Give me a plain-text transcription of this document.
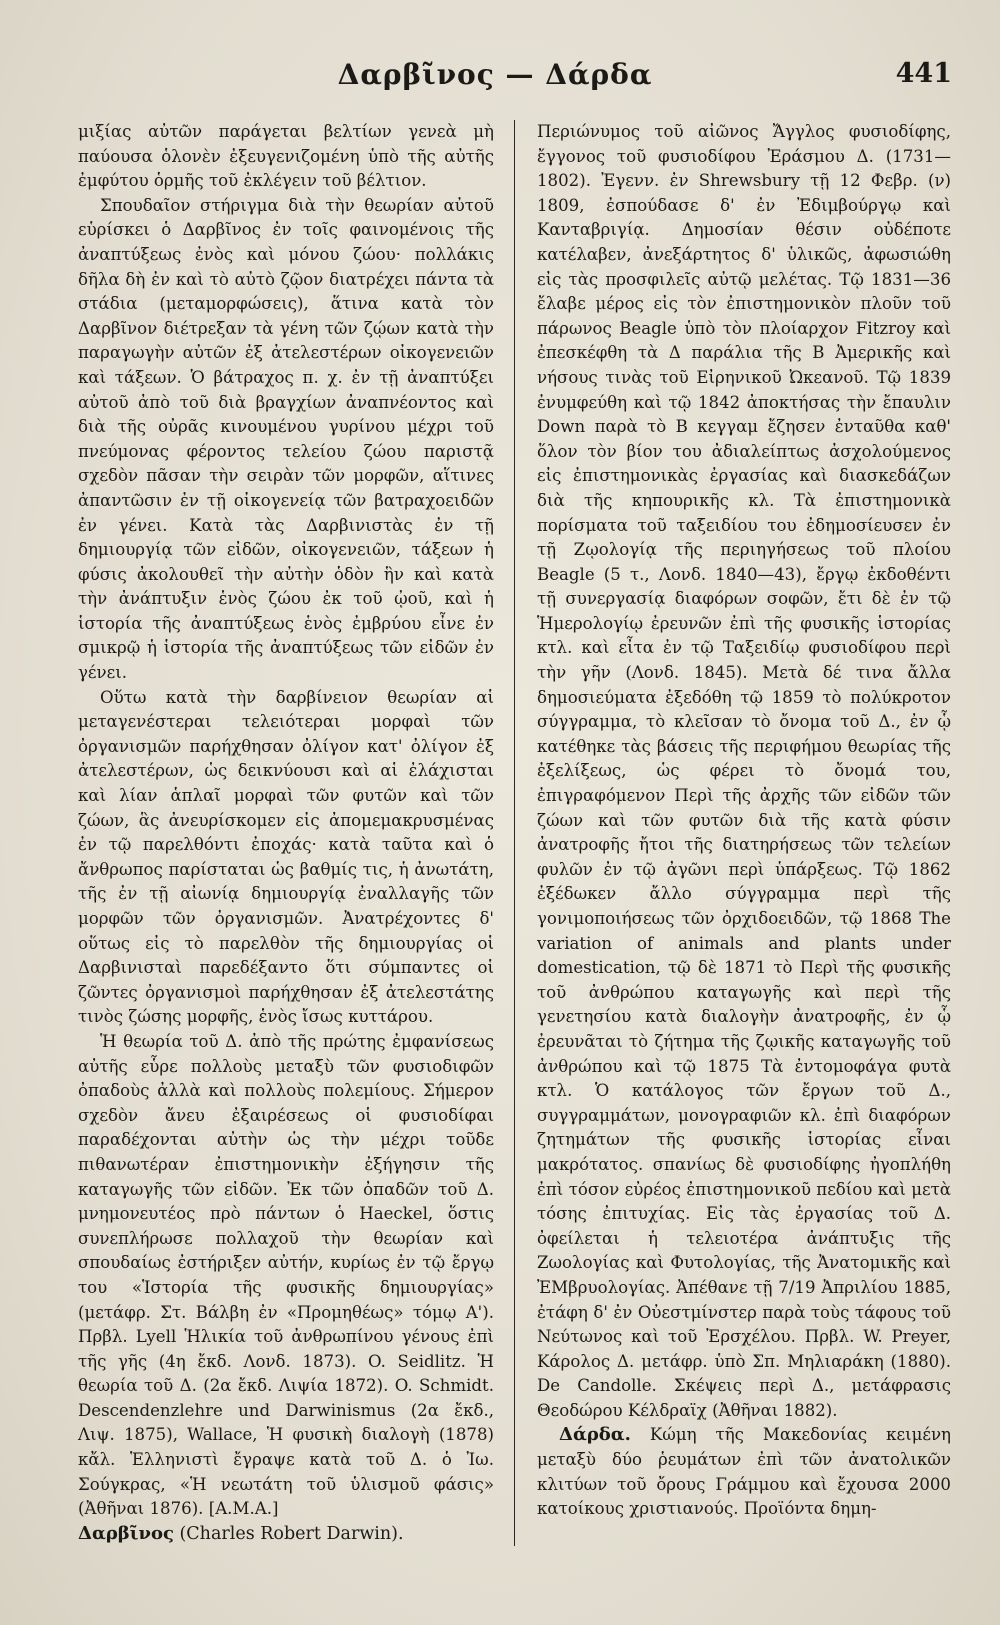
Δαρβῖνος — Δάρδα	441

μιξίας αὐτῶν παράγεται βελτίων γενεὰ μὴ παύουσα ὁλονὲν ἐξευγενιζομένη ὑπὸ τῆς αὐτῆς ἐμφύτου ὁρμῆς τοῦ ἐκλέγειν τοῦ βέλτιον.

Σπουδαῖον στήριγμα διὰ τὴν θεωρίαν αὐτοῦ εὑρίσκει ὁ Δαρβῖνος ἐν τοῖς φαινομένοις τῆς ἀναπτύξεως ἐνὸς καὶ μόνου ζώου· πολλάκις δῆλα δὴ ἐν καὶ τὸ αὐτὸ ζῷον διατρέχει πάντα τὰ στάδια (μεταμορφώσεις), ἅτινα κατὰ τὸν Δαρβῖνον διέτρεξαν τὰ γένη τῶν ζῴων κατὰ τὴν παραγωγὴν αὐτῶν ἐξ ἀτελεστέρων οἰκογενειῶν καὶ τάξεων. Ὁ βάτραχος π. χ. ἐν τῇ ἀναπτύξει αὐτοῦ ἀπὸ τοῦ διὰ βραγχίων ἀναπνέοντος καὶ διὰ τῆς οὐρᾶς κινουμένου γυρίνου μέχρι τοῦ πνεύμονας φέροντος τελείου ζώου παριστᾷ σχεδὸν πᾶσαν τὴν σειρὰν τῶν μορφῶν, αἵτινες ἀπαντῶσιν ἐν τῇ οἰκογενείᾳ τῶν βατραχοειδῶν ἐν γένει. Κατὰ τὰς Δαρβινιστὰς ἐν τῇ δημιουργίᾳ τῶν εἰδῶν, οἰκογενειῶν, τάξεων ἡ φύσις ἀκολουθεῖ τὴν αὐτὴν ὁδὸν ἣν καὶ κατὰ τὴν ἀνάπτυξιν ἑνὸς ζώου ἐκ τοῦ ᾠοῦ, καὶ ἡ ἱστορία τῆς ἀναπτύξεως ἑνὸς ἐμβρύου εἶνε ἐν σμικρῷ ἡ ἱστορία τῆς ἀναπτύξεως τῶν εἰδῶν ἐν γένει.

Οὕτω κατὰ τὴν δαρβίνειον θεωρίαν αἱ μεταγενέστεραι τελειότεραι μορφαὶ τῶν ὀργανισμῶν παρήχθησαν ὀλίγον κατ' ὀλίγον ἐξ ἀτελεστέρων, ὡς δεικνύουσι καὶ αἱ ἐλάχισται καὶ λίαν ἁπλαῖ μορφαὶ τῶν φυτῶν καὶ τῶν ζώων, ἃς ἀνευρίσκομεν εἰς ἀπομεμακρυσμένας ἐν τῷ παρελθόντι ἐποχάς· κατὰ ταῦτα καὶ ὁ ἄνθρωπος παρίσταται ὡς βαθμίς τις, ἡ ἀνωτάτη, τῆς ἐν τῇ αἰωνίᾳ δημιουργίᾳ ἐναλλαγῆς τῶν μορφῶν τῶν ὀργανισμῶν. Ἀνατρέχοντες δ' οὕτως εἰς τὸ παρελθὸν τῆς δημιουργίας οἱ Δαρβινισταὶ παρεδέξαντο ὅτι σύμπαντες οἱ ζῶντες ὀργανισμοὶ παρήχθησαν ἐξ ἀτελεστάτης τινὸς ζώσης μορφῆς, ἑνὸς ἴσως κυττάρου.

Ἡ θεωρία τοῦ Δ. ἀπὸ τῆς πρώτης ἐμφανίσεως αὐτῆς εὗρε πολλοὺς μεταξὺ τῶν φυσιοδιφῶν ὀπαδοὺς ἀλλὰ καὶ πολλοὺς πολεμίους. Σήμερον σχεδὸν ἄνευ ἐξαιρέσεως οἱ φυσιοδίφαι παραδέχονται αὐτὴν ὡς τὴν μέχρι τοῦδε πιθανωτέραν ἐπιστημονικὴν ἐξήγησιν τῆς καταγωγῆς τῶν εἰδῶν. Ἐκ τῶν ὀπαδῶν τοῦ Δ. μνημονευτέος πρὸ πάντων ὁ Haeckel, ὅστις συνεπλήρωσε πολλαχοῦ τὴν θεωρίαν καὶ σπουδαίως ἐστήριξεν αὐτήν, κυρίως ἐν τῷ ἔργῳ του «Ἱστορία τῆς φυσικῆς δημιουργίας» (μετάφρ. Στ. Βάλβη ἐν «Προμηθέως» τόμῳ Α'). Πρβλ. Lyell Ἡλικία τοῦ ἀνθρωπίνου γένους ἐπὶ τῆς γῆς (4η ἔκδ. Λονδ. 1873). O. Seidlitz. Ἡ θεωρία τοῦ Δ. (2α ἔκδ. Λιψία 1872). O. Schmidt. Descendenzlehre und Darwinismus (2α ἔκδ., Λιψ. 1875), Wallace, Ἡ φυσικὴ διαλογὴ (1878) κἄλ. Ἑλληνιστὶ ἔγραψε κατὰ τοῦ Δ. ὁ Ἰω. Σούγκρας, «Ἡ νεωτάτη τοῦ ὑλισμοῦ φάσις» (Ἀθῆναι 1876). [Α.Μ.Α.]

Δαρβῖνος (Charles Robert Darwin).

Περιώνυμος τοῦ αἰῶνος Ἄγγλος φυσιοδίφης, ἔγγονος τοῦ φυσιοδίφου Ἐράσμου Δ. (1731—1802). Ἐγενν. ἐν Shrewsbury τῇ 12 Φεβρ. (ν) 1809, ἐσπούδασε δ' ἐν Ἐδιμβούργῳ καὶ Κανταβριγίᾳ. Δημοσίαν θέσιν οὐδέποτε κατέλαβεν, ἀνεξάρτητος δ' ὑλικῶς, ἀφωσιώθη εἰς τὰς προσφιλεῖς αὐτῷ μελέτας. Τῷ 1831—36 ἔλαβε μέρος εἰς τὸν ἐπιστημονικὸν πλοῦν τοῦ πάρωνος Beagle ὑπὸ τὸν πλοίαρχον Fitzroy καὶ ἐπεσκέφθη τὰ Δ παράλια τῆς Β Ἀμερικῆς καὶ νήσους τινὰς τοῦ Εἰρηνικοῦ Ὠκεανοῦ. Τῷ 1839 ἐνυμφεύθη καὶ τῷ 1842 ἀποκτήσας τὴν ἔπαυλιν Down παρὰ τὸ Β κεγγαμ ἔζησεν ἐνταῦθα καθ' ὅλον τὸν βίον του ἀδιαλείπτως ἀσχολούμενος εἰς ἐπιστημονικὰς ἐργασίας καὶ διασκεδάζων διὰ τῆς κηπουρικῆς κλ. Τὰ ἐπιστημονικὰ πορίσματα τοῦ ταξειδίου του ἐδημοσίευσεν ἐν τῇ Ζῳολογίᾳ τῆς περιηγήσεως τοῦ πλοίου Beagle (5 τ., Λονδ. 1840—43), ἔργῳ ἐκδοθέντι τῇ συνεργασίᾳ διαφόρων σοφῶν, ἔτι δὲ ἐν τῷ Ἡμερολογίῳ ἐρευνῶν ἐπὶ τῆς φυσικῆς ἱστορίας κτλ. καὶ εἶτα ἐν τῷ Ταξειδίῳ φυσιοδίφου περὶ τὴν γῆν (Λονδ. 1845). Μετὰ δέ τινα ἄλλα δημοσιεύματα ἐξεδόθη τῷ 1859 τὸ πολύκροτον σύγγραμμα, τὸ κλεῖσαν τὸ ὄνομα τοῦ Δ., ἐν ᾧ κατέθηκε τὰς βάσεις τῆς περιφήμου θεωρίας τῆς ἐξελίξεως, ὡς φέρει τὸ ὄνομά του, ἐπιγραφόμενον Περὶ τῆς ἀρχῆς τῶν εἰδῶν τῶν ζώων καὶ τῶν φυτῶν διὰ τῆς κατὰ φύσιν ἀνατροφῆς ἤτοι τῆς διατηρήσεως τῶν τελείων φυλῶν ἐν τῷ ἀγῶνι περὶ ὑπάρξεως. Τῷ 1862 ἐξέδωκεν ἄλλο σύγγραμμα περὶ τῆς γονιμοποιήσεως τῶν ὀρχιδοειδῶν, τῷ 1868 The variation of animals and plants under domestication, τῷ δὲ 1871 τὸ Περὶ τῆς φυσικῆς τοῦ ἀνθρώπου καταγωγῆς καὶ περὶ τῆς γενετησίου κατὰ διαλογὴν ἀνατροφῆς, ἐν ᾧ ἐρευνᾶται τὸ ζήτημα τῆς ζῳικῆς καταγωγῆς τοῦ ἀνθρώπου καὶ τῷ 1875 Τὰ ἐντομοφάγα φυτὰ κτλ. Ὁ κατάλογος τῶν ἔργων τοῦ Δ., συγγραμμάτων, μονογραφιῶν κλ. ἐπὶ διαφόρων ζητημάτων τῆς φυσικῆς ἱστορίας εἶναι μακρότατος. σπανίως δὲ φυσιοδίφης ἠγοπλήθη ἐπὶ τόσον εὐρέος ἐπιστημονικοῦ πεδίου καὶ μετὰ τόσης ἐπιτυχίας. Εἰς τὰς ἐργασίας τοῦ Δ. ὀφείλεται ἡ τελειοτέρα ἀνάπτυξις τῆς Ζωολογίας καὶ Φυτολογίας, τῆς Ἀνατομικῆς καὶ ἘΜβρυολογίας. Ἀπέθανε τῇ 7/19 Ἀπριλίου 1885, ἐτάφη δ' ἐν Οὐεστμίνστερ παρὰ τοὺς τάφους τοῦ Νεύτωνος καὶ τοῦ Ἐρσχέλου. Πρβλ. W. Preyer, Κάρολος Δ. μετάφρ. ὑπὸ Σπ. Μηλιαράκη (1880). De Candolle. Σκέψεις περὶ Δ., μετάφρασις Θεοδώρου Κέλδραϊχ (Ἀθῆναι 1882).

Δάρδα. Κώμη τῆς Μακεδονίας κειμένη μεταξὺ δύο ῥευμάτων ἐπὶ τῶν ἀνατολικῶν κλιτύων τοῦ ὄρους Γράμμου καὶ ἔχουσα 2000 κατοίκους χριστιανούς. Προϊόντα δημη-
